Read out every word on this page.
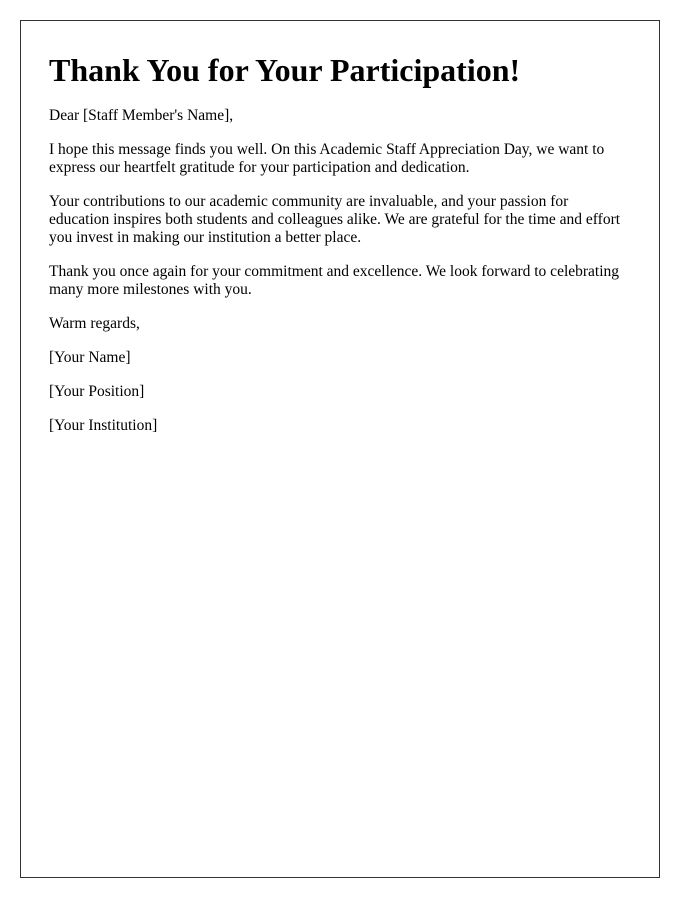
Thank You for Your Participation!

Dear [Staff Member's Name],

I hope this message finds you well. On this Academic Staff Appreciation Day, we want to express our heartfelt gratitude for your participation and dedication.

Your contributions to our academic community are invaluable, and your passion for education inspires both students and colleagues alike. We are grateful for the time and effort you invest in making our institution a better place.

Thank you once again for your commitment and excellence. We look forward to celebrating many more milestones with you.

Warm regards,

[Your Name]

[Your Position]

[Your Institution]
